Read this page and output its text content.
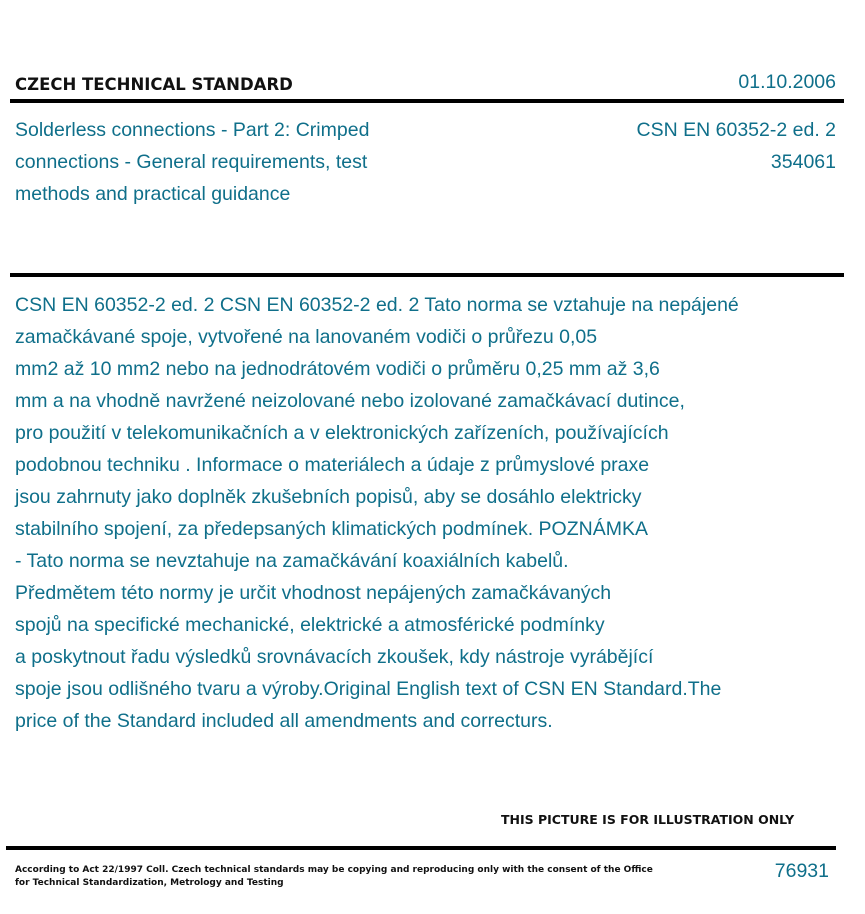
CZECH TECHNICAL STANDARD	01.10.2006
Solderless connections - Part 2: Crimped
connections - General requirements, test
methods and practical guidance
CSN EN 60352-2 ed. 2
354061
CSN EN 60352-2 ed. 2 CSN EN 60352-2 ed. 2 Tato norma se vztahuje na nepájené
zamačkávané spoje, vytvořené na lanovaném vodiči o průřezu 0,05
mm2 až 10 mm2 nebo na jednodrátovém vodiči o průměru 0,25 mm až 3,6
mm a na vhodně navržené neizolované nebo izolované zamačkávací dutince,
pro použití v telekomunikačních a v elektronických zařízeních, používajících
podobnou techniku . Informace o materiálech a údaje z průmyslové praxe
jsou zahrnuty jako doplněk zkušebních popisů, aby se dosáhlo elektricky
stabilního spojení, za předepsaných klimatických podmínek. POZNÁMKA
- Tato norma se nevztahuje na zamačkávání koaxiálních kabelů.
Předmětem této normy je určit vhodnost nepájených zamačkávaných
spojů na specifické mechanické, elektrické a atmosférické podmínky
a poskytnout řadu výsledků srovnávacích zkoušek, kdy nástroje vyrábějící
spoje jsou odlišného tvaru a výroby.Original English text of CSN EN Standard.The
price of the Standard included all amendments and correcturs.
THIS PICTURE IS FOR ILLUSTRATION ONLY
According to Act 22/1997 Coll. Czech technical standards may be copying and reproducing only with the consent of the Office
for Technical Standardization, Metrology and Testing
76931
